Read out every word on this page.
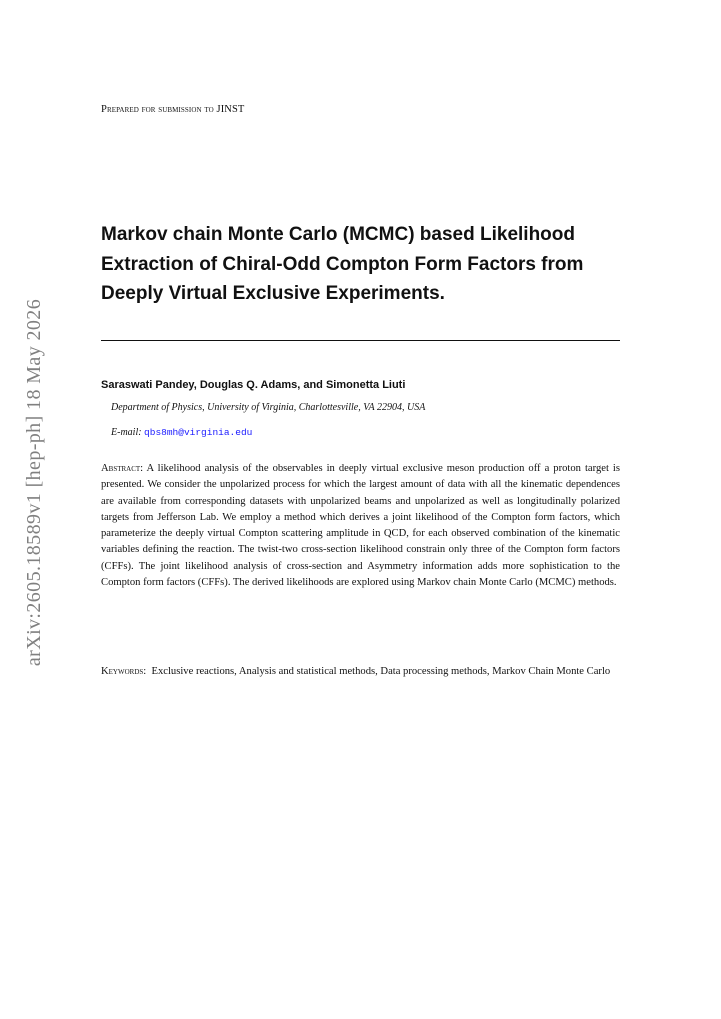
arXiv:2605.18589v1 [hep-ph] 18 May 2026
Prepared for submission to JINST
Markov chain Monte Carlo (MCMC) based Likelihood Extraction of Chiral-Odd Compton Form Factors from Deeply Virtual Exclusive Experiments.
Saraswati Pandey, Douglas Q. Adams, and Simonetta Liuti
Department of Physics, University of Virginia, Charlottesville, VA 22904, USA
E-mail: qbs8mh@virginia.edu

Abstract: A likelihood analysis of the observables in deeply virtual exclusive meson production off a proton target is presented. We consider the unpolarized process for which the largest amount of data with all the kinematic dependences are available from corresponding datasets with unpolarized beams and unpolarized as well as longitudinally polarized targets from Jefferson Lab. We employ a method which derives a joint likelihood of the Compton form factors, which parameterize the deeply virtual Compton scattering amplitude in QCD, for each observed combination of the kinematic variables defining the reaction. The twist-two cross-section likelihood constrain only three of the Compton form factors (CFFs). The joint likelihood analysis of cross-section and Asymmetry information adds more sophistication to the Compton form factors (CFFs). The derived likelihoods are explored using Markov chain Monte Carlo (MCMC) methods.

Keywords: Exclusive reactions, Analysis and statistical methods, Data processing methods, Markov Chain Monte Carlo
